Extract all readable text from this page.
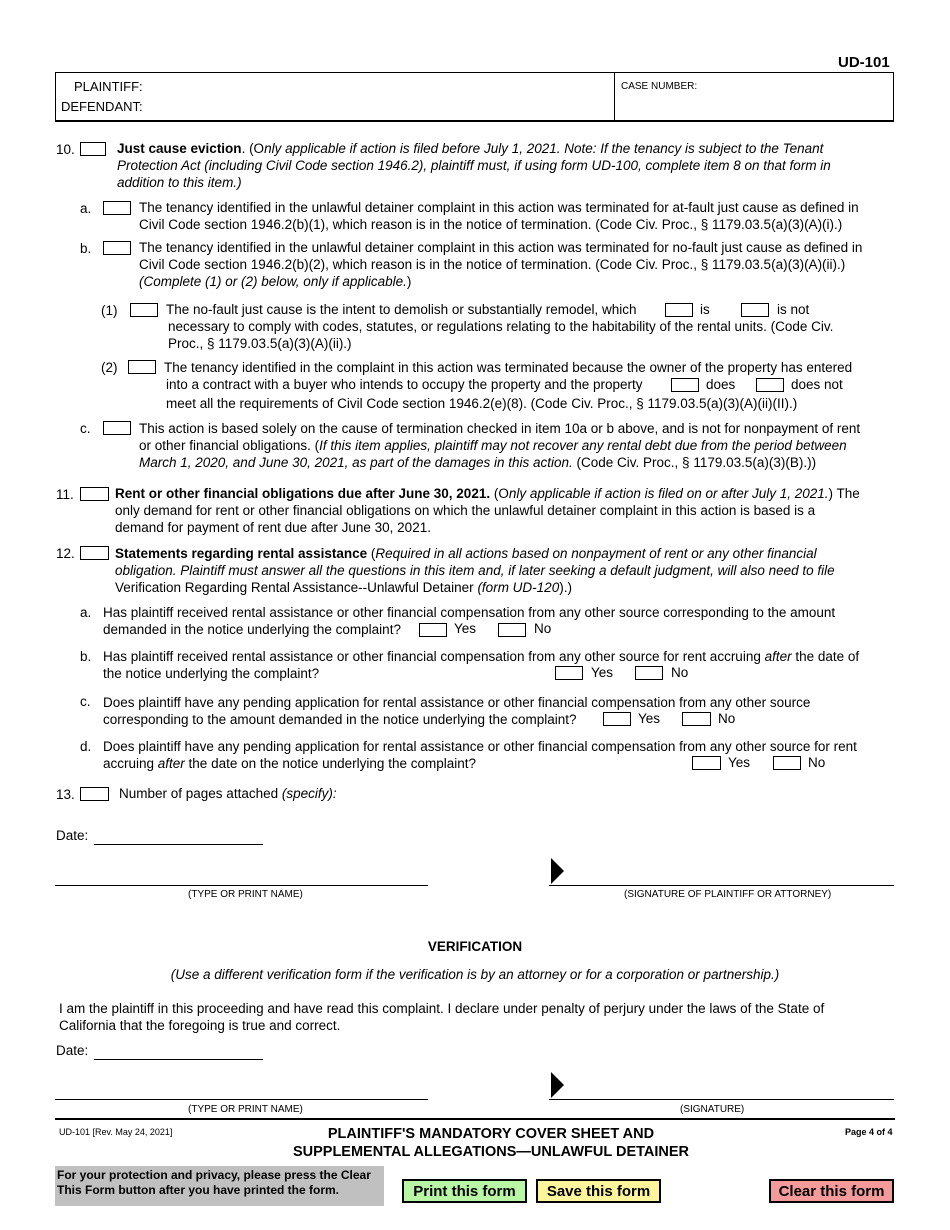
UD-101
PLAINTIFF:
DEFENDANT:
CASE NUMBER:
10.	Just cause eviction. (Only applicable if action is filed before July 1, 2021. Note: If the tenancy is subject to the Tenant
Protection Act (including Civil Code section 1946.2), plaintiff must, if using form UD-100, complete item 8 on that form in
addition to this item.)
a.	The tenancy identified in the unlawful detainer complaint in this action was terminated for at-fault just cause as defined in
Civil Code section 1946.2(b)(1), which reason is in the notice of termination. (Code Civ. Proc., § 1179.03.5(a)(3)(A)(i).)
b.	The tenancy identified in the unlawful detainer complaint in this action was terminated for no-fault just cause as defined in
Civil Code section 1946.2(b)(2), which reason is in the notice of termination. (Code Civ. Proc., § 1179.03.5(a)(3)(A)(ii).)
(Complete (1) or (2) below, only if applicable.)
(1)	The no-fault just cause is the intent to demolish or substantially remodel, which	is	is not
necessary to comply with codes, statutes, or regulations relating to the habitability of the rental units. (Code Civ.
Proc., § 1179.03.5(a)(3)(A)(ii).)
(2)	The tenancy identified in the complaint in this action was terminated because the owner of the property has entered
into a contract with a buyer who intends to occupy the property and the property	does	does not
meet all the requirements of Civil Code section 1946.2(e)(8). (Code Civ. Proc., § 1179.03.5(a)(3)(A)(ii)(II).)
c.	This action is based solely on the cause of termination checked in item 10a or b above, and is not for nonpayment of rent
or other financial obligations. (If this item applies, plaintiff may not recover any rental debt due from the period between
March 1, 2020, and June 30, 2021, as part of the damages in this action. (Code Civ. Proc., § 1179.03.5(a)(3)(B).))
11.	Rent or other financial obligations due after June 30, 2021. (Only applicable if action is filed on or after July 1, 2021.) The
only demand for rent or other financial obligations on which the unlawful detainer complaint in this action is based is a
demand for payment of rent due after June 30, 2021.
12.	Statements regarding rental assistance (Required in all actions based on nonpayment of rent or any other financial
obligation. Plaintiff must answer all the questions in this item and, if later seeking a default judgment, will also need to file
Verification Regarding Rental Assistance--Unlawful Detainer (form UD-120).)
a. Has plaintiff received rental assistance or other financial compensation from any other source corresponding to the amount
demanded in the notice underlying the complaint?	Yes	No
b. Has plaintiff received rental assistance or other financial compensation from any other source for rent accruing after the date of
the notice underlying the complaint?	Yes	No
c. Does plaintiff have any pending application for rental assistance or other financial compensation from any other source
corresponding to the amount demanded in the notice underlying the complaint?	Yes	No
d. Does plaintiff have any pending application for rental assistance or other financial compensation from any other source for rent
accruing after the date on the notice underlying the complaint?	Yes	No
13.	Number of pages attached (specify):
Date:
(TYPE OR PRINT NAME)	(SIGNATURE OF PLAINTIFF OR ATTORNEY)
VERIFICATION
(Use a different verification form if the verification is by an attorney or for a corporation or partnership.)
I am the plaintiff in this proceeding and have read this complaint. I declare under penalty of perjury under the laws of the State of
California that the foregoing is true and correct.
Date:
(TYPE OR PRINT NAME)	(SIGNATURE)
UD-101 [Rev. May 24, 2021]	PLAINTIFF'S MANDATORY COVER SHEET AND
SUPPLEMENTAL ALLEGATIONS—UNLAWFUL DETAINER
Page 4 of 4
For your protection and privacy, please press the Clear
This Form button after you have printed the form.	Print this form	Save this form	Clear this form
